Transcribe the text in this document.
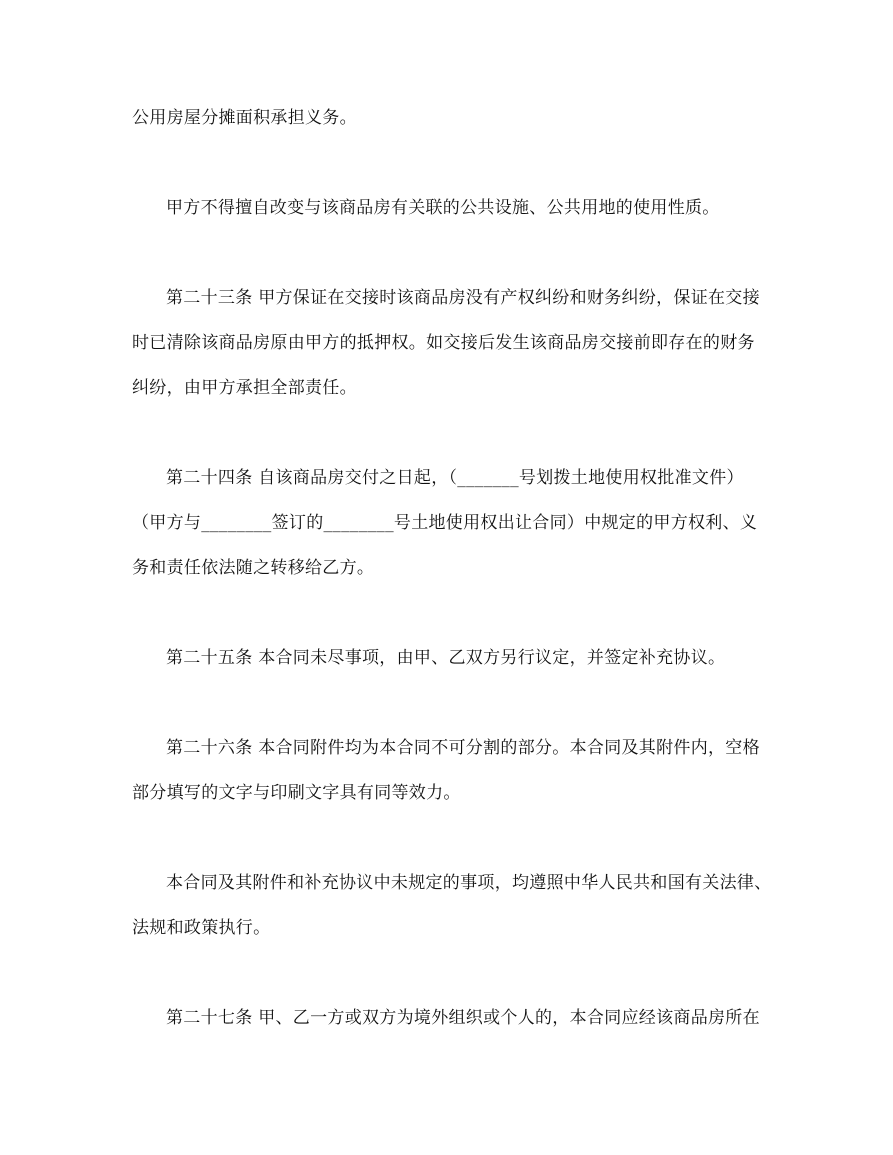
公用房屋分摊面积承担义务。

甲方不得擅自改变与该商品房有关联的公共设施、公共用地的使用性质。

第二十三条 甲方保证在交接时该商品房没有产权纠纷和财务纠纷，保证在交接
时已清除该商品房原由甲方的抵押权。如交接后发生该商品房交接前即存在的财务
纠纷，由甲方承担全部责任。

第二十四条 自该商品房交付之日起，（_______号划拨土地使用权批准文件）
（甲方与________签订的________号土地使用权出让合同）中规定的甲方权利、义
务和责任依法随之转移给乙方。

第二十五条 本合同未尽事项，由甲、乙双方另行议定，并签定补充协议。

第二十六条 本合同附件均为本合同不可分割的部分。本合同及其附件内，空格
部分填写的文字与印刷文字具有同等效力。

本合同及其附件和补充协议中未规定的事项，均遵照中华人民共和国有关法律、
法规和政策执行。

第二十七条 甲、乙一方或双方为境外组织或个人的，本合同应经该商品房所在
